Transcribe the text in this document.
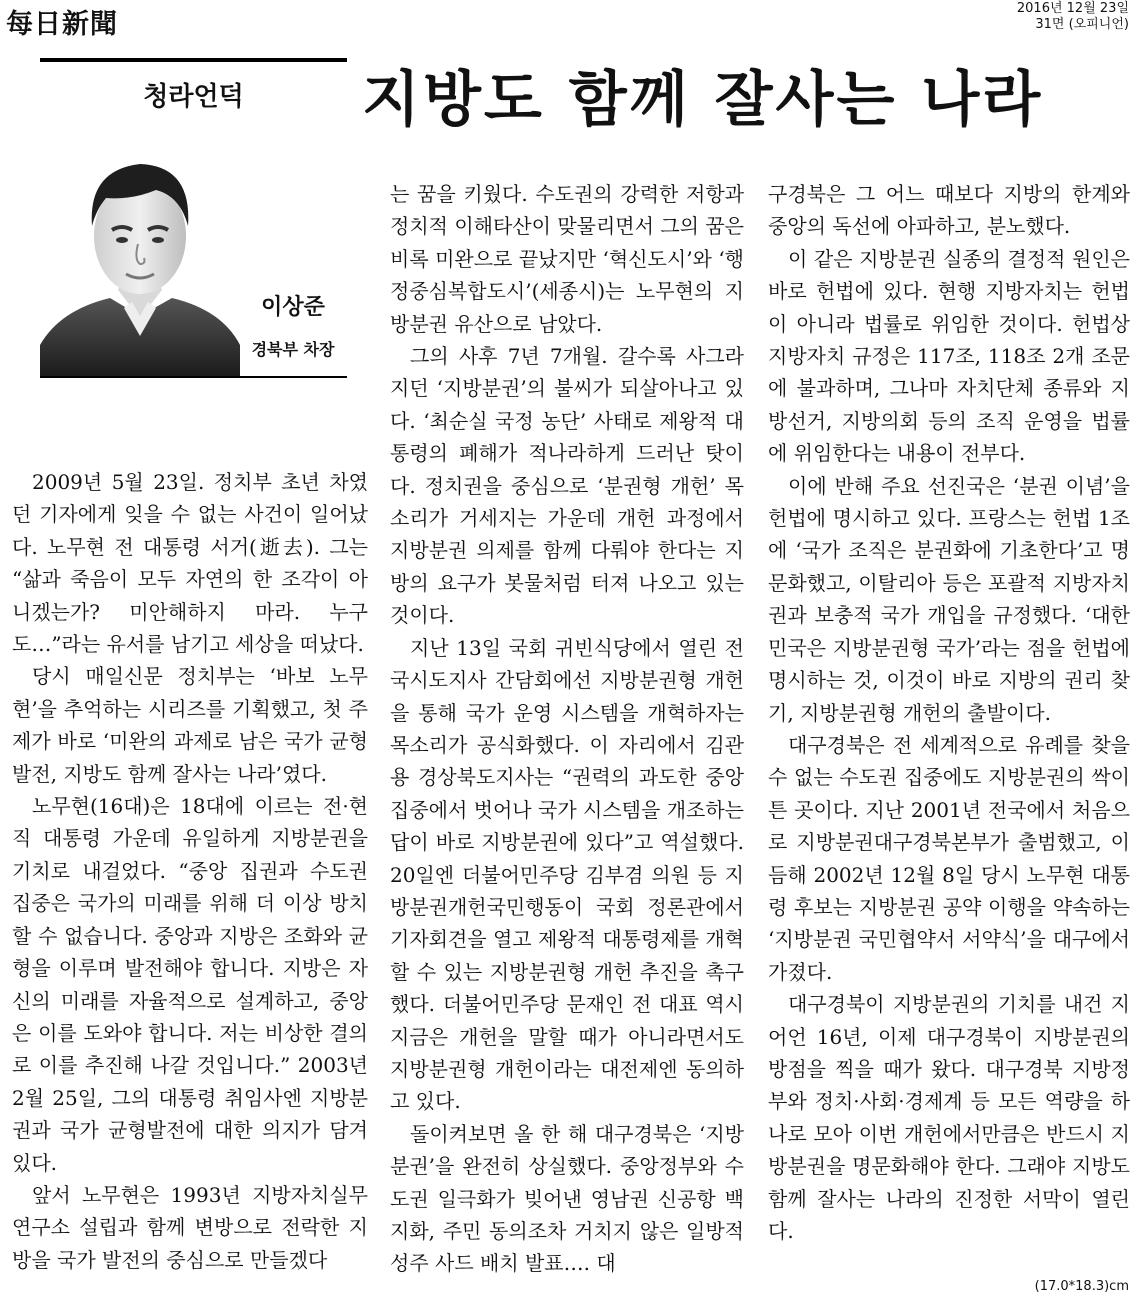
每日新聞
2016년 12월 23일
31면 (오피니언)
지방도 함께 잘사는 나라
청라언덕
이상준
경북부 차장

2009년 5월 23일. 정치부 초년 차였던 기자에게 잊을 수 없는 사건이 일어났다. 노무현 전 대통령 서거(逝去). 그는 “삶과 죽음이 모두 자연의 한 조각이 아니겠는가? 미안해하지 마라. 누구도…”라는 유서를 남기고 세상을 떠났다.

당시 매일신문 정치부는 ‘바보 노무현’을 추억하는 시리즈를 기획했고, 첫 주제가 바로 ‘미완의 과제로 남은 국가 균형발전, 지방도 함께 잘사는 나라’였다.

노무현(16대)은 18대에 이르는 전·현직 대통령 가운데 유일하게 지방분권을 기치로 내걸었다. “중앙 집권과 수도권 집중은 국가의 미래를 위해 더 이상 방치할 수 없습니다. 중앙과 지방은 조화와 균형을 이루며 발전해야 합니다. 지방은 자신의 미래를 자율적으로 설계하고, 중앙은 이를 도와야 합니다. 저는 비상한 결의로 이를 추진해 나갈 것입니다.” 2003년 2월 25일, 그의 대통령 취임사엔 지방분권과 국가 균형발전에 대한 의지가 담겨 있다.

앞서 노무현은 1993년 지방자치실무연구소 설립과 함께 변방으로 전락한 지방을 국가 발전의 중심으로 만들겠다

는 꿈을 키웠다. 수도권의 강력한 저항과 정치적 이해타산이 맞물리면서 그의 꿈은 비록 미완으로 끝났지만 ‘혁신도시’와 ‘행정중심복합도시’(세종시)는 노무현의 지방분권 유산으로 남았다.

그의 사후 7년 7개월. 갈수록 사그라지던 ‘지방분권’의 불씨가 되살아나고 있다. ‘최순실 국정 농단’ 사태로 제왕적 대통령의 폐해가 적나라하게 드러난 탓이다. 정치권을 중심으로 ‘분권형 개헌’ 목소리가 거세지는 가운데 개헌 과정에서 지방분권 의제를 함께 다뤄야 한다는 지방의 요구가 봇물처럼 터져 나오고 있는 것이다.

지난 13일 국회 귀빈식당에서 열린 전국시도지사 간담회에선 지방분권형 개헌을 통해 국가 운영 시스템을 개혁하자는 목소리가 공식화했다. 이 자리에서 김관용 경상북도지사는 “권력의 과도한 중앙 집중에서 벗어나 국가 시스템을 개조하는 답이 바로 지방분권에 있다”고 역설했다. 20일엔 더불어민주당 김부겸 의원 등 지방분권개헌국민행동이 국회 정론관에서 기자회견을 열고 제왕적 대통령제를 개혁할 수 있는 지방분권형 개헌 추진을 촉구했다. 더불어민주당 문재인 전 대표 역시 지금은 개헌을 말할 때가 아니라면서도 지방분권형 개헌이라는 대전제엔 동의하고 있다.

돌이켜보면 올 한 해 대구경북은 ‘지방분권’을 완전히 상실했다. 중앙정부와 수도권 일극화가 빚어낸 영남권 신공항 백지화, 주민 동의조차 거치지 않은 일방적 성주 사드 배치 발표…. 대

구경북은 그 어느 때보다 지방의 한계와 중앙의 독선에 아파하고, 분노했다.

이 같은 지방분권 실종의 결정적 원인은 바로 헌법에 있다. 현행 지방자치는 헌법이 아니라 법률로 위임한 것이다. 헌법상 지방자치 규정은 117조, 118조 2개 조문에 불과하며, 그나마 자치단체 종류와 지방선거, 지방의회 등의 조직 운영을 법률에 위임한다는 내용이 전부다.

이에 반해 주요 선진국은 ‘분권 이념’을 헌법에 명시하고 있다. 프랑스는 헌법 1조에 ‘국가 조직은 분권화에 기초한다’고 명문화했고, 이탈리아 등은 포괄적 지방자치권과 보충적 국가 개입을 규정했다. ‘대한민국은 지방분권형 국가’라는 점을 헌법에 명시하는 것, 이것이 바로 지방의 권리 찾기, 지방분권형 개헌의 출발이다.

대구경북은 전 세계적으로 유례를 찾을 수 없는 수도권 집중에도 지방분권의 싹이 튼 곳이다. 지난 2001년 전국에서 처음으로 지방분권대구경북본부가 출범했고, 이듬해 2002년 12월 8일 당시 노무현 대통령 후보는 지방분권 공약 이행을 약속하는 ‘지방분권 국민협약서 서약식’을 대구에서 가졌다.

대구경북이 지방분권의 기치를 내건 지 어언 16년, 이제 대구경북이 지방분권의 방점을 찍을 때가 왔다. 대구경북 지방정부와 정치·사회·경제계 등 모든 역량을 하나로 모아 이번 개헌에서만큼은 반드시 지방분권을 명문화해야 한다. 그래야 지방도 함께 잘사는 나라의 진정한 서막이 열린다.

(17.0*18.3)cm
